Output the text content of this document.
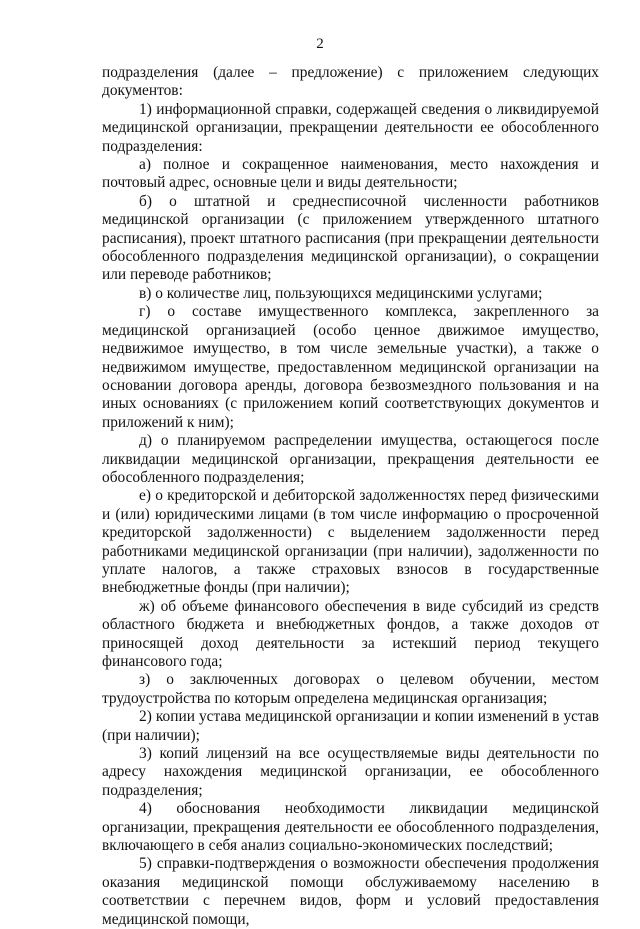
2

подразделения (далее – предложение) с приложением следующих документов:

1) информационной справки, содержащей сведения о ликвидируемой медицинской организации, прекращении деятельности ее обособленного подразделения:

а) полное и сокращенное наименования, место нахождения и почтовый адрес, основные цели и виды деятельности;

б) о штатной и среднесписочной численности работников медицинской организации (с приложением утвержденного штатного расписания), проект штатного расписания (при прекращении деятельности обособленного подразделения медицинской организации), о сокращении или переводе работников;

в) о количестве лиц, пользующихся медицинскими услугами;

г) о составе имущественного комплекса, закрепленного за медицинской организацией (особо ценное движимое имущество, недвижимое имущество, в том числе земельные участки), а также о недвижимом имуществе, предоставленном медицинской организации на основании договора аренды, договора безвозмездного пользования и на иных основаниях (с приложением копий соответствующих документов и приложений к ним);

д) о планируемом распределении имущества, остающегося после ликвидации медицинской организации, прекращения деятельности ее обособленного подразделения;

е) о кредиторской и дебиторской задолженностях перед физическими и (или) юридическими лицами (в том числе информацию о просроченной кредиторской задолженности) с выделением задолженности перед работниками медицинской организации (при наличии), задолженности по уплате налогов, а также страховых взносов в государственные внебюджетные фонды (при наличии);

ж) об объеме финансового обеспечения в виде субсидий из средств областного бюджета и внебюджетных фондов, а также доходов от приносящей доход деятельности за истекший период текущего финансового года;

з) о заключенных договорах о целевом обучении, местом трудоустройства по которым определена медицинская организация;

2) копии устава медицинской организации и копии изменений в устав (при наличии);

3) копий лицензий на все осуществляемые виды деятельности по адресу нахождения медицинской организации, ее обособленного подразделения;

4) обоснования необходимости ликвидации медицинской организации, прекращения деятельности ее обособленного подразделения, включающего в себя анализ социально-экономических последствий;

5) справки-подтверждения о возможности обеспечения продолжения оказания медицинской помощи обслуживаемому населению в соответствии с перечнем видов, форм и условий предоставления медицинской помощи,
